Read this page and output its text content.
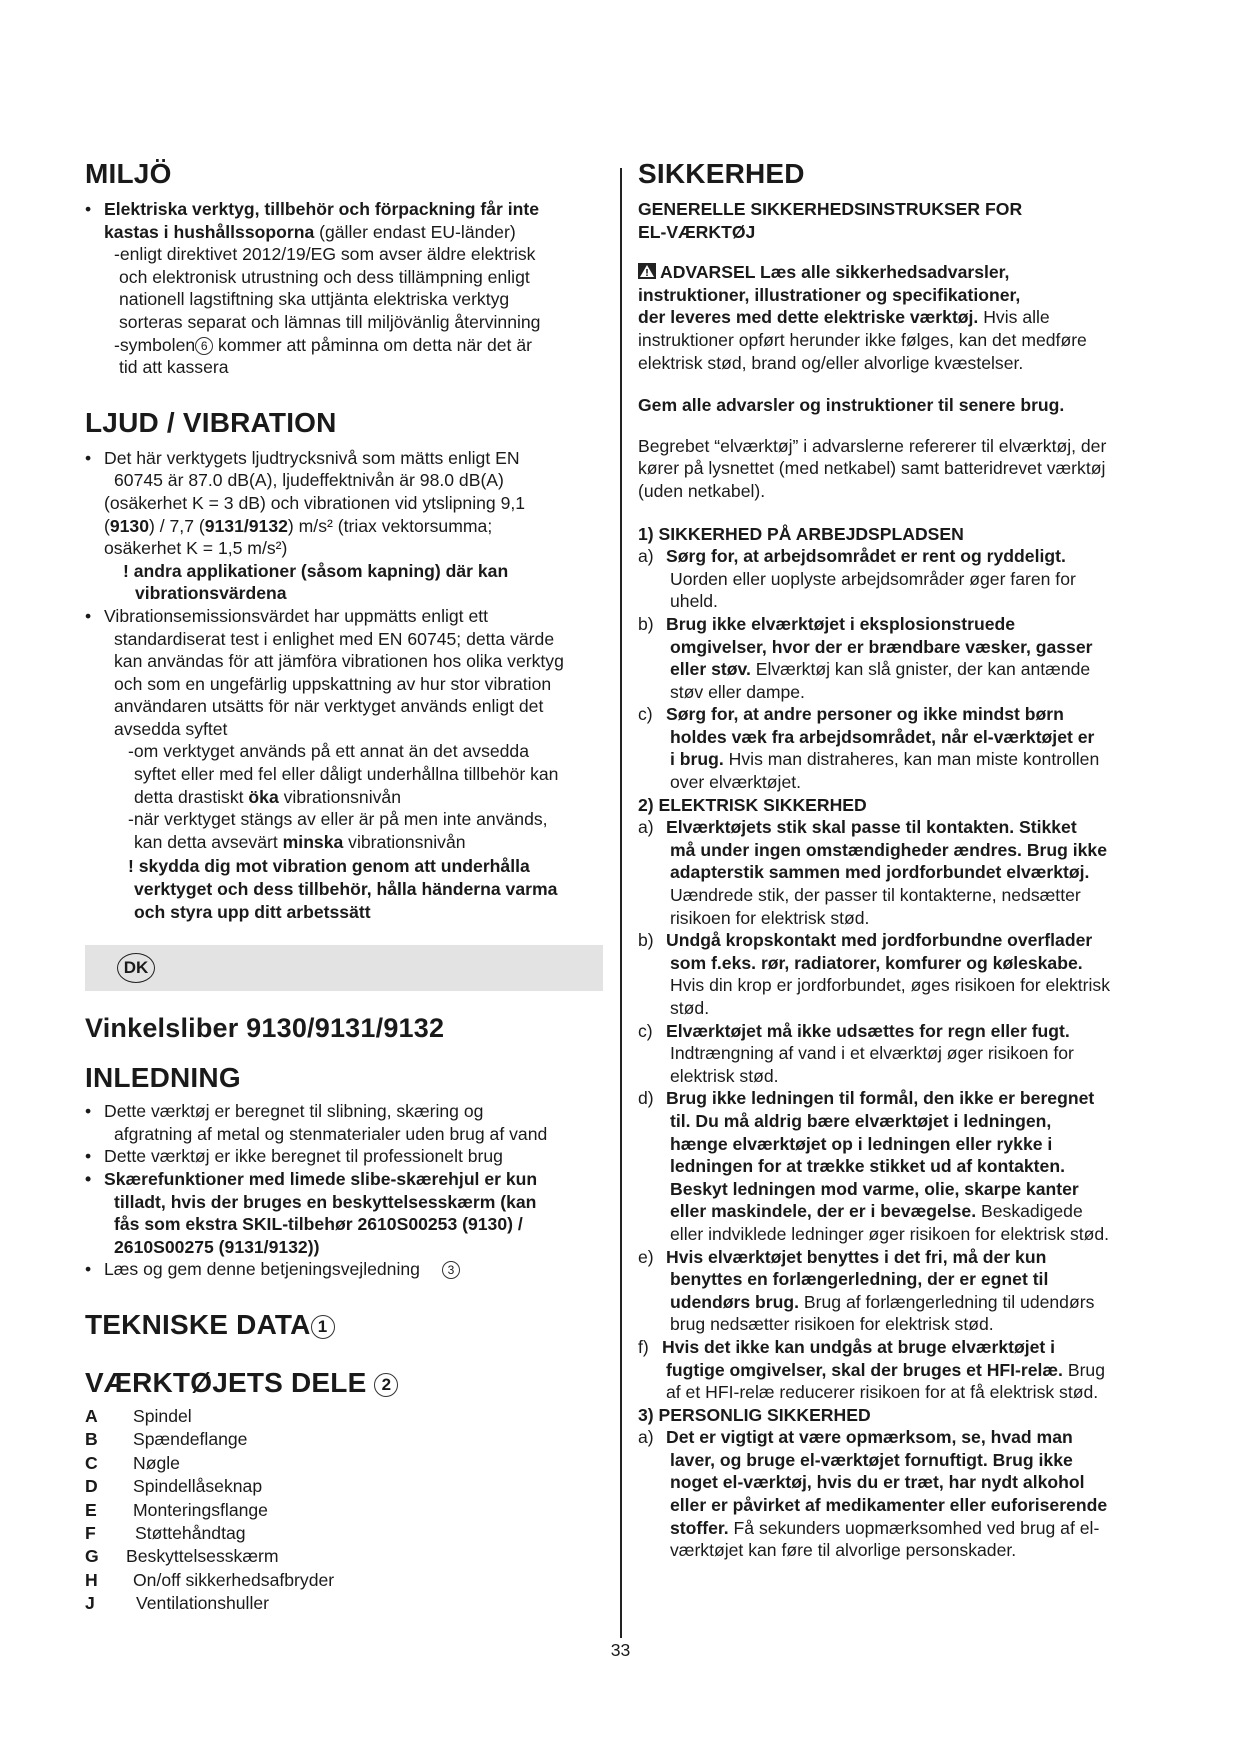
MILJÖ
• Elektriska verktyg, tillbehör och förpackning får inte
kastas i hushållssoporna (gäller endast EU-länder)
-enligt direktivet 2012/19/EG som avser äldre elektrisk
och elektronisk utrustning och dess tillämpning enligt
nationell lagstiftning ska uttjänta elektriska verktyg
sorteras separat och lämnas till miljövänlig återvinning
-symbolen 6 kommer att påminna om detta när det är
tid att kassera
LJUD / VIBRATION
• Det här verktygets ljudtrycksnivå som mätts enligt EN
60745 är 87.0 dB(A), ljudeffektnivån är 98.0 dB(A)
(osäkerhet K = 3 dB) och vibrationen vid ytslipning 9,1
(9130) / 7,7 (9131/9132) m/s² (triax vektorsumma;
osäkerhet K = 1,5 m/s²)
! andra applikationer (såsom kapning) där kan
vibrationsvärdena
• Vibrationsemissionsvärdet har uppmätts enligt ett
standardiserat test i enlighet med EN 60745; detta värde
kan användas för att jämföra vibrationen hos olika verktyg
och som en ungefärlig uppskattning av hur stor vibration
användaren utsätts för när verktyget används enligt det
avsedda syftet
-om verktyget används på ett annat än det avsedda
syftet eller med fel eller dåligt underhållna tillbehör kan
detta drastiskt öka vibrationsnivån
-när verktyget stängs av eller är på men inte används,
kan detta avsevärt minska vibrationsnivån
! skydda dig mot vibration genom att underhålla
verktyget och dess tillbehör, hålla händerna varma
och styra upp ditt arbetssätt
DK
Vinkelsliber 9130/9131/9132
INLEDNING
• Dette værktøj er beregnet til slibning, skæring og
afgratning af metal og stenmaterialer uden brug af vand
• Dette værktøj er ikke beregnet til professionelt brug
• Skærefunktioner med limede slibe-skærehjul er kun
tilladt, hvis der bruges en beskyttelsesskærm (kan
fås som ekstra SKIL-tilbehør 2610S00253 (9130) /
2610S00275 (9131/9132))
• Læs og gem denne betjeningsvejledning 3
TEKNISKE DATA 1
VÆRKTØJETS DELE 2
A	Spindel
B	Spændeflange
C	Nøgle
D	Spindellåseknap
E	Monteringsflange
F	Støttehåndtag
G	Beskyttelsesskærm
H	On/off sikkerhedsafbryder
J	Ventilationshuller
SIKKERHED
GENERELLE SIKKERHEDSINSTRUKSER FOR
EL-VÆRKTØJ
ADVARSEL Læs alle sikkerhedsadvarsler,
instruktioner, illustrationer og specifikationer,
der leveres med dette elektriske værktøj. Hvis alle
instruktioner opført herunder ikke følges, kan det medføre
elektrisk stød, brand og/eller alvorlige kvæstelser.
Gem alle advarsler og instruktioner til senere brug.
Begrebet “elværktøj” i advarslerne refererer til elværktøj, der
kører på lysnettet (med netkabel) samt batteridrevet værktøj
(uden netkabel).
1) SIKKERHED PÅ ARBEJDSPLADSEN
a) Sørg for, at arbejdsområdet er rent og ryddeligt.
Uorden eller uoplyste arbejdsområder øger faren for
uheld.
b) Brug ikke elværktøjet i eksplosionstruede
omgivelser, hvor der er brændbare væsker, gasser
eller støv. Elværktøj kan slå gnister, der kan antænde
støv eller dampe.
c) Sørg for, at andre personer og ikke mindst børn
holdes væk fra arbejdsområdet, når el-værktøjet er
i brug. Hvis man distraheres, kan man miste kontrollen
over elværktøjet.
2) ELEKTRISK SIKKERHED
a) Elværktøjets stik skal passe til kontakten. Stikket
må under ingen omstændigheder ændres. Brug ikke
adapterstik sammen med jordforbundet elværktøj.
Uændrede stik, der passer til kontakterne, nedsætter
risikoen for elektrisk stød.
b) Undgå kropskontakt med jordforbundne overflader
som f.eks. rør, radiatorer, komfurer og køleskabe.
Hvis din krop er jordforbundet, øges risikoen for elektrisk
stød.
c) Elværktøjet må ikke udsættes for regn eller fugt.
Indtrængning af vand i et elværktøj øger risikoen for
elektrisk stød.
d) Brug ikke ledningen til formål, den ikke er beregnet
til. Du må aldrig bære elværktøjet i ledningen,
hænge elværktøjet op i ledningen eller rykke i
ledningen for at trække stikket ud af kontakten.
Beskyt ledningen mod varme, olie, skarpe kanter
eller maskindele, der er i bevægelse. Beskadigede
eller indviklede ledninger øger risikoen for elektrisk stød.
e) Hvis elværktøjet benyttes i det fri, må der kun
benyttes en forlængerledning, der er egnet til
udendørs brug. Brug af forlængerledning til udendørs
brug nedsætter risikoen for elektrisk stød.
f) Hvis det ikke kan undgås at bruge elværktøjet i
fugtige omgivelser, skal der bruges et HFI-relæ. Brug
af et HFI-relæ reducerer risikoen for at få elektrisk stød.
3) PERSONLIG SIKKERHED
a) Det er vigtigt at være opmærksom, se, hvad man
laver, og bruge el-værktøjet fornuftigt. Brug ikke
noget el-værktøj, hvis du er træt, har nydt alkohol
eller er påvirket af medikamenter eller euforiserende
stoffer. Få sekunders uopmærksomhed ved brug af el-
værktøjet kan føre til alvorlige personskader.
33
